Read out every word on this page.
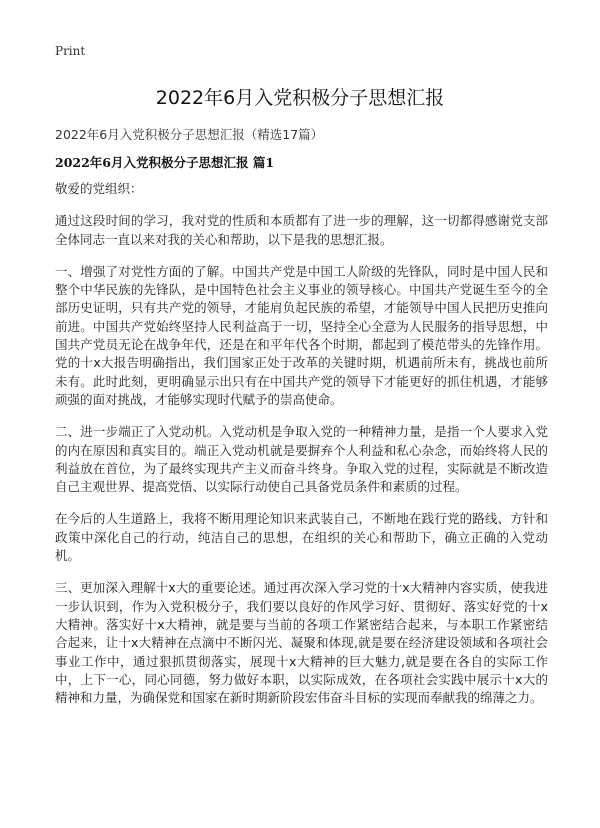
Print
2022年6月入党积极分子思想汇报
2022年6月入党积极分子思想汇报（精选17篇）
2022年6月入党积极分子思想汇报 篇1

敬爱的党组织：

通过这段时间的学习，我对党的性质和本质都有了进一步的理解，这一切都得感谢党支部全体同志一直以来对我的关心和帮助，以下是我的思想汇报。

一、增强了对党性方面的了解。中国共产党是中国工人阶级的先锋队，同时是中国人民和整个中华民族的先锋队，是中国特色社会主义事业的领导核心。中国共产党诞生至今的全部历史证明，只有共产党的领导，才能肩负起民族的希望，才能领导中国人民把历史推向前进。中国共产党始终坚持人民利益高于一切，坚持全心全意为人民服务的指导思想，中国共产党员无论在战争年代，还是在和平年代各个时期，都起到了模范带头的先锋作用。党的十x大报告明确指出，我们国家正处于改革的关键时期，机遇前所未有，挑战也前所未有。此时此刻，更明确显示出只有在中国共产党的领导下才能更好的抓住机遇，才能够顽强的面对挑战，才能够实现时代赋予的崇高使命。

二、进一步端正了入党动机。入党动机是争取入党的一种精神力量，是指一个人要求入党的内在原因和真实目的。端正入党动机就是要摒弃个人利益和私心杂念，而始终将人民的利益放在首位，为了最终实现共产主义而奋斗终身。争取入党的过程，实际就是不断改造自己主观世界、提高党悟、以实际行动使自己具备党员条件和素质的过程。

在今后的人生道路上，我将不断用理论知识来武装自己，不断地在践行党的路线、方针和政策中深化自己的行动，纯洁自己的思想，在组织的关心和帮助下，确立正确的入党动机。

三、更加深入理解十x大的重要论述。通过再次深入学习党的十x大精神内容实质，使我进一步认识到，作为入党积极分子，我们要以良好的作风学习好、贯彻好、落实好党的十x大精神。落实好十x大精神，就是要与当前的各项工作紧密结合起来，与本职工作紧密结合起来，让十x大精神在点滴中不断闪光、凝聚和体现,就是要在经济建设领域和各项社会事业工作中，通过狠抓贯彻落实，展现十x大精神的巨大魅力,就是要在各自的实际工作中，上下一心，同心同德，努力做好本职，以实际成效，在各项社会实践中展示十x大的精神和力量，为确保党和国家在新时期新阶段宏伟奋斗目标的实现而奉献我的绵薄之力。
